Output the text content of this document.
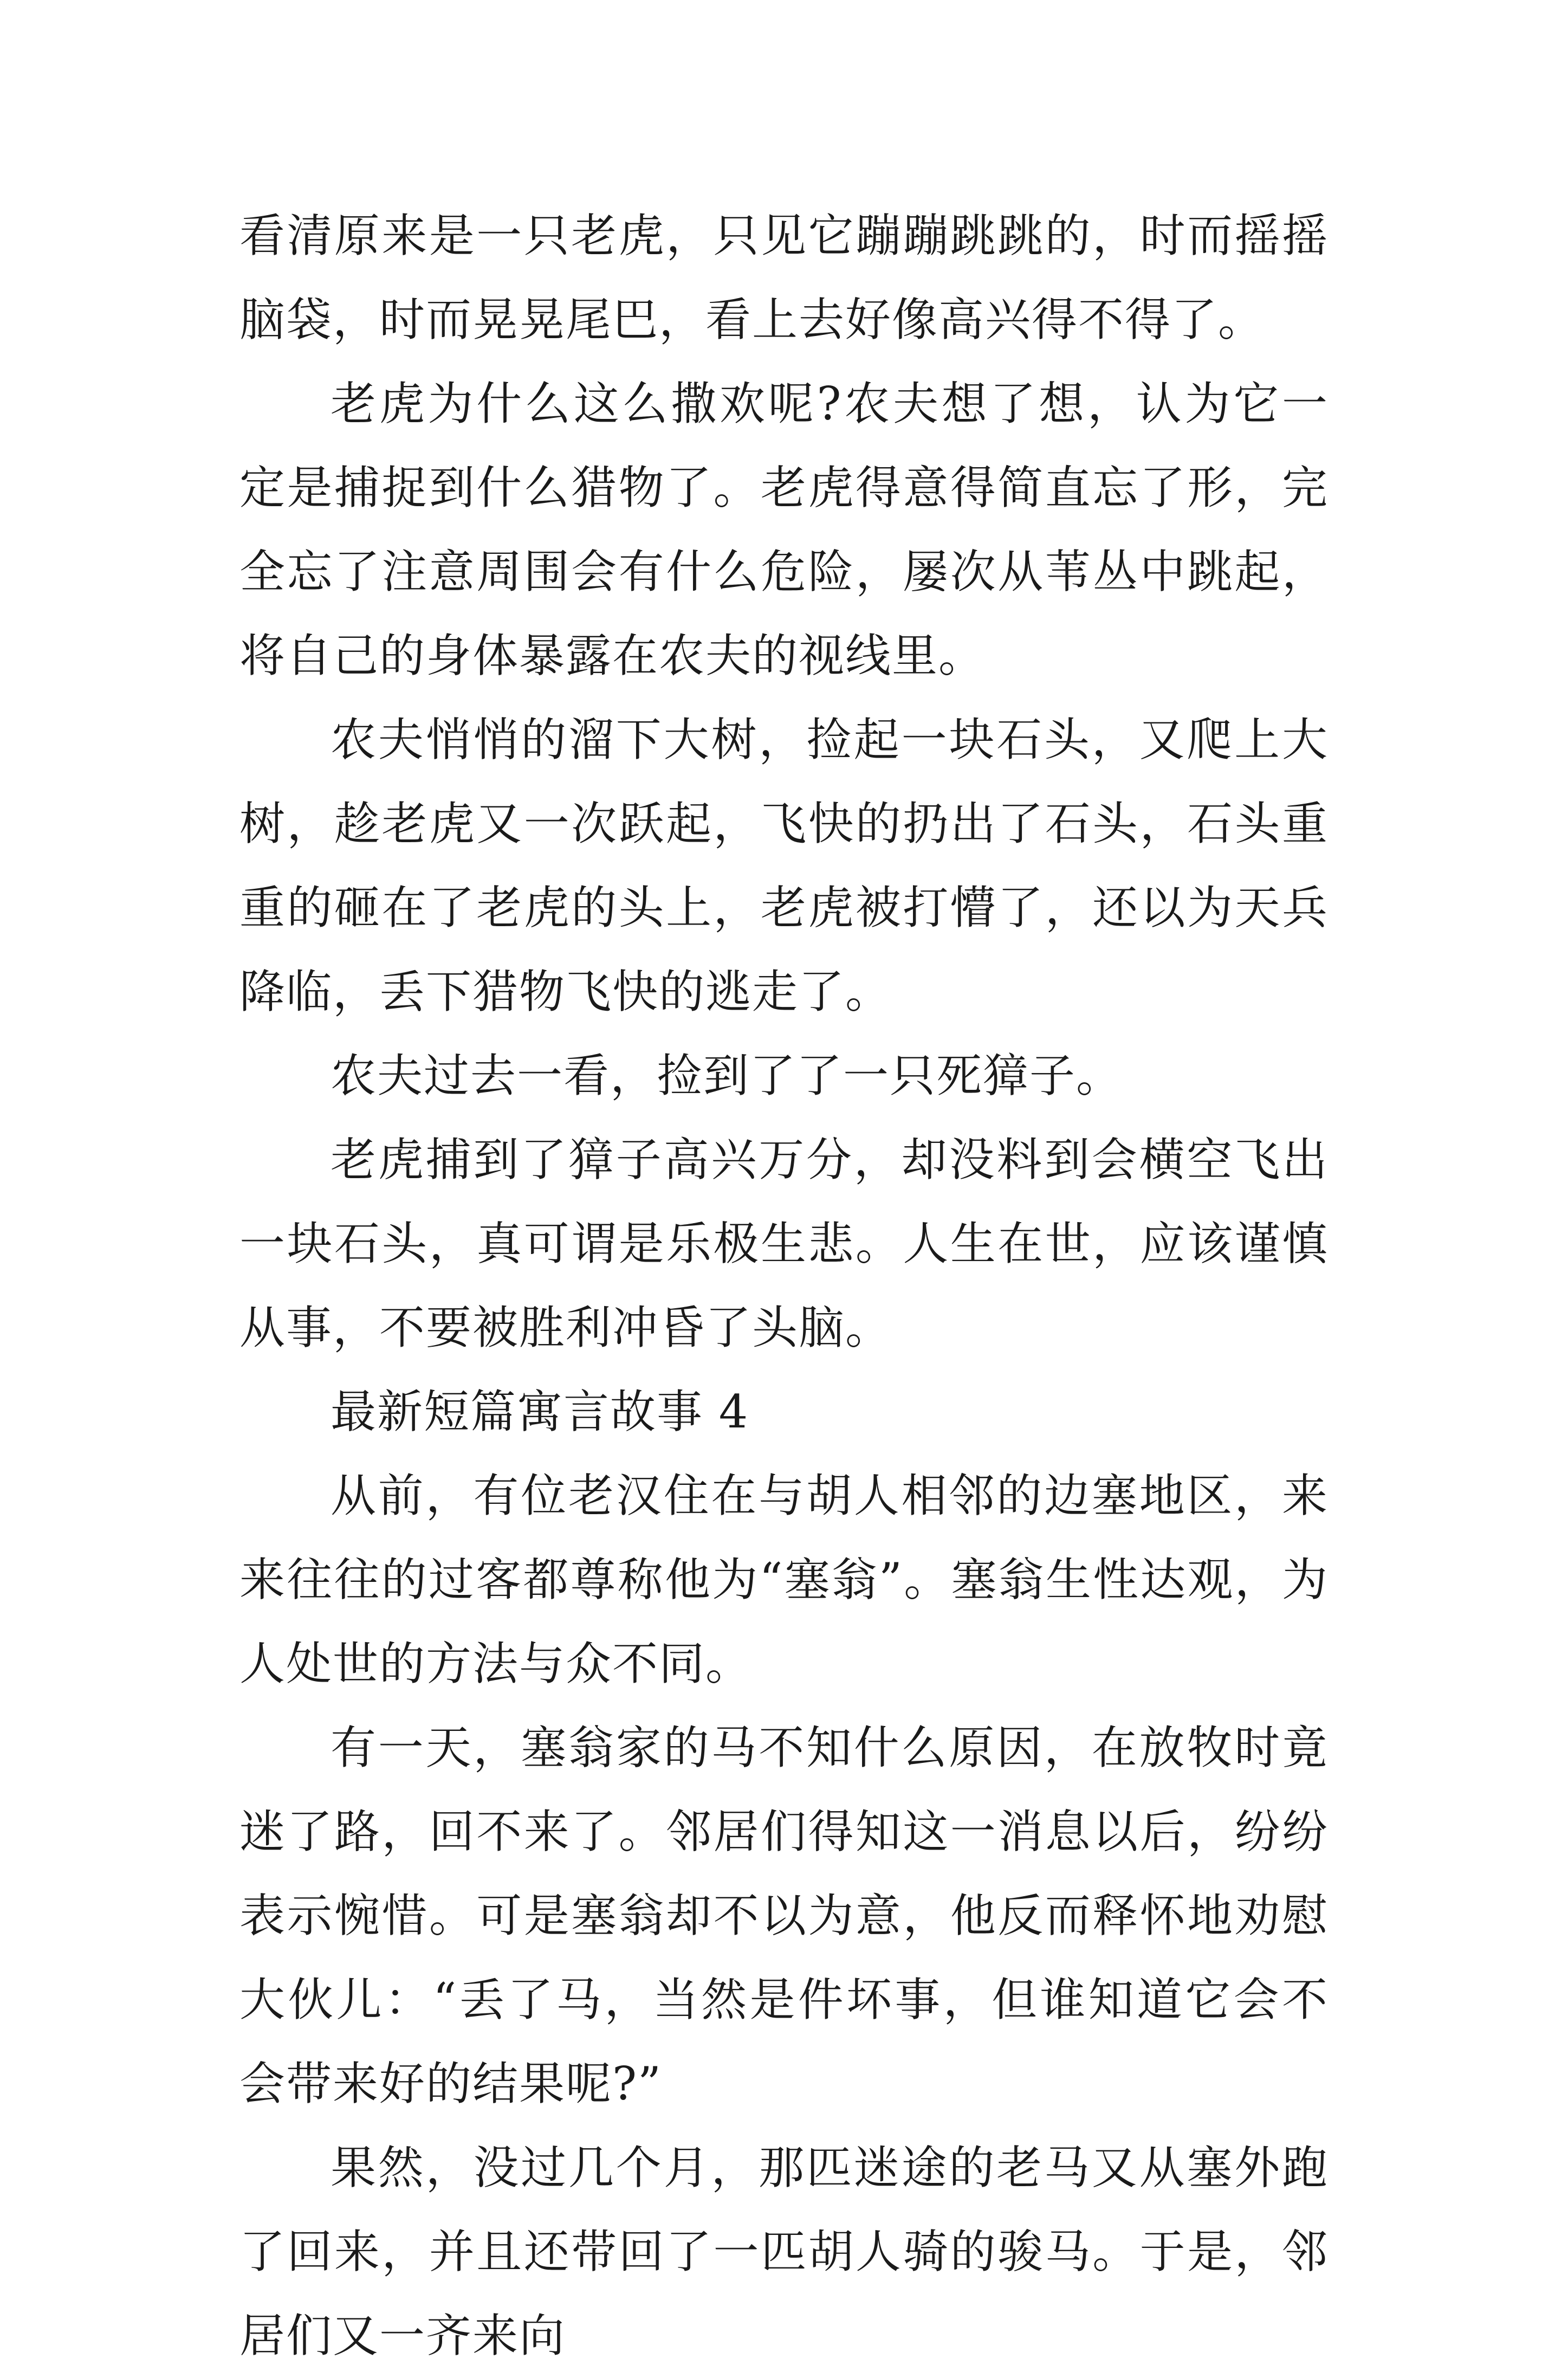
看清原来是一只老虎，只见它蹦蹦跳跳的，时而摇摇脑袋，时而晃晃尾巴，看上去好像高兴得不得了。

老虎为什么这么撒欢呢?农夫想了想，认为它一定是捕捉到什么猎物了。老虎得意得简直忘了形，完全忘了注意周围会有什么危险，屡次从苇丛中跳起，将自己的身体暴露在农夫的视线里。

农夫悄悄的溜下大树，捡起一块石头，又爬上大树，趁老虎又一次跃起，飞快的扔出了石头，石头重重的砸在了老虎的头上，老虎被打懵了，还以为天兵降临，丢下猎物飞快的逃走了。

农夫过去一看，捡到了了一只死獐子。

老虎捕到了獐子高兴万分，却没料到会横空飞出一块石头，真可谓是乐极生悲。人生在世，应该谨慎从事，不要被胜利冲昏了头脑。

最新短篇寓言故事 4

从前，有位老汉住在与胡人相邻的边塞地区，来来往往的过客都尊称他为“塞翁”。塞翁生性达观，为人处世的方法与众不同。

有一天，塞翁家的马不知什么原因，在放牧时竟迷了路，回不来了。邻居们得知这一消息以后，纷纷表示惋惜。可是塞翁却不以为意，他反而释怀地劝慰大伙儿：“丢了马，当然是件坏事，但谁知道它会不会带来好的结果呢?”

果然，没过几个月，那匹迷途的老马又从塞外跑了回来，并且还带回了一匹胡人骑的骏马。于是，邻居们又一齐来向
